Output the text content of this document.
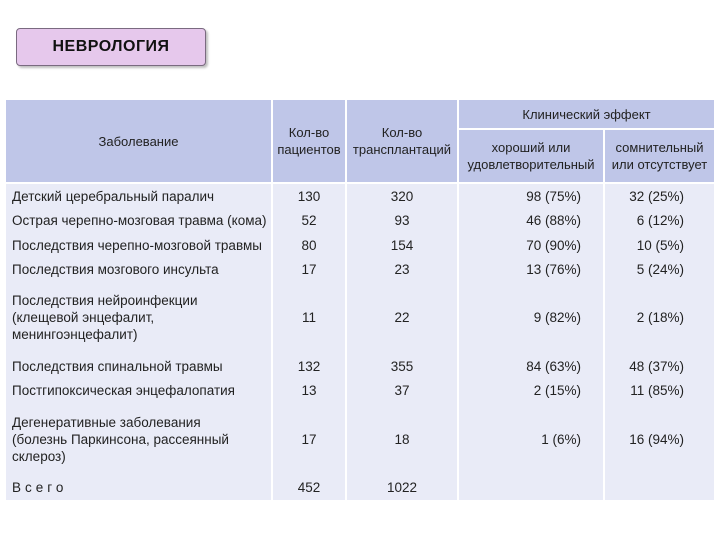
НЕВРОЛОГИЯ
Заболевание	Кол-во пациентов	Кол-во трансплантаций	Клинический эффект	
			хороший или удовлетворительный	сомнительный или отсутствует

Детский церебральный паралич	130	320	98 (75%)	32 (25%)

Острая черепно-мозговая травма (кома)	52	93	46 (88%)	6 (12%)

Последствия черепно-мозговой травмы	80	154	70 (90%)	10 (5%)

Последствия мозгового инсульта	17	23	13 (76%)	5 (24%)

Последствия нейроинфекции
(клещевой энцефалит, менингоэнцефалит)	11	22	9 (82%)	2 (18%)

Последствия спинальной травмы	132	355	84 (63%)	48 (37%)

Постгипоксическая энцефалопатия	13	37	2 (15%)	11 (85%)

Дегенеративные заболевания
(болезнь Паркинсона, рассеянный склероз)	17	18	1 (6%)	16 (94%)
Всего	452	1022		
